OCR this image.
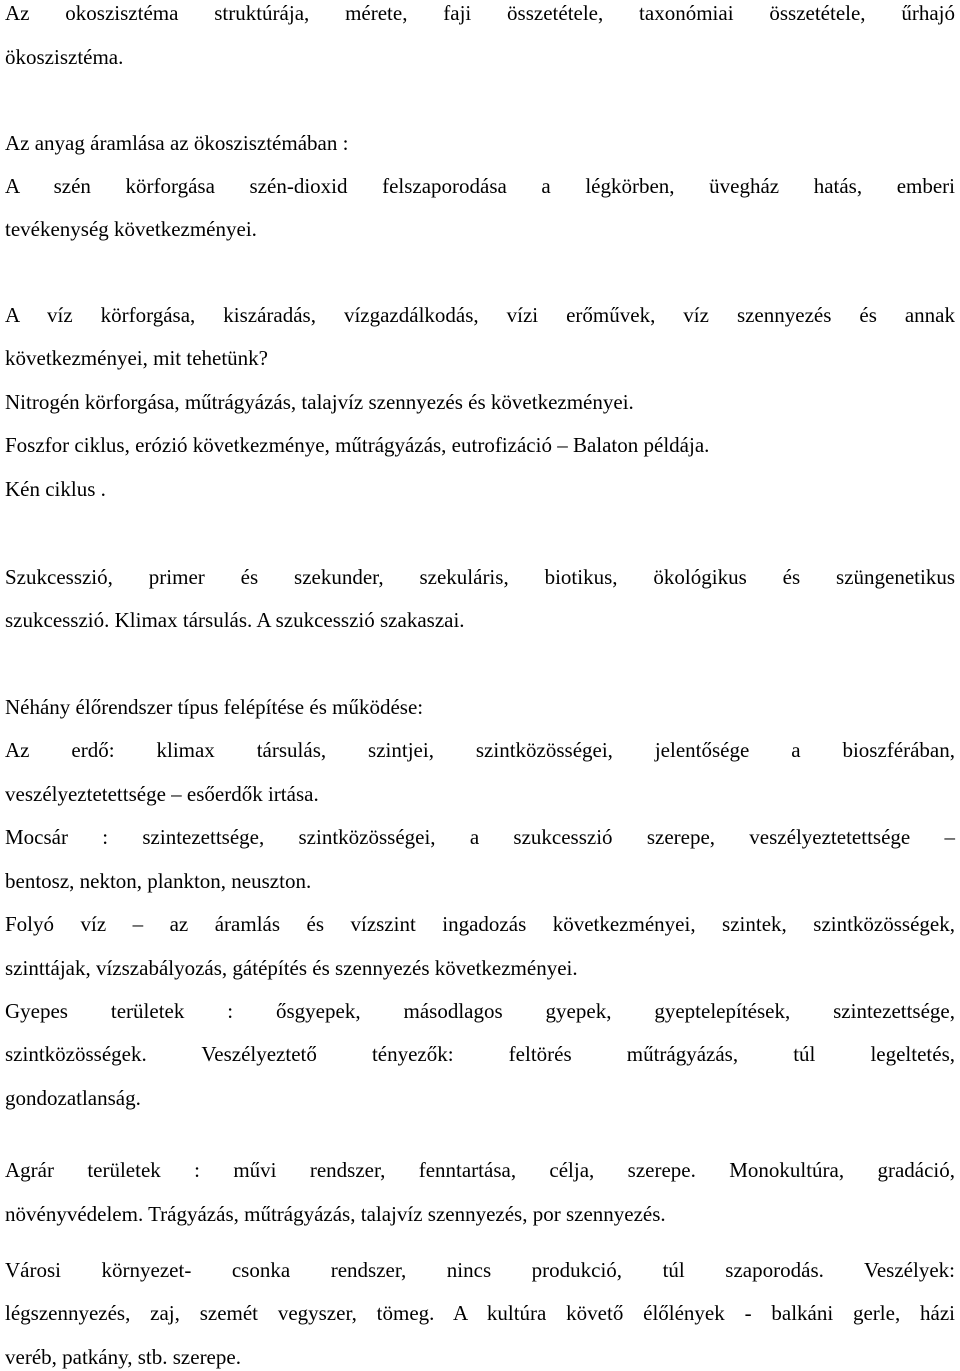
Az okoszisztéma struktúrája, mérete, faji összetétele, taxonómiai összetétele, űrhajó
ökoszisztéma.
Az anyag áramlása az ökoszisztémában :
A szén körforgása szén-dioxid felszaporodása a légkörben, üvegház hatás, emberi
tevékenység következményei.
A víz körforgása, kiszáradás, vízgazdálkodás, vízi erőművek, víz szennyezés és annak
következményei, mit tehetünk?
Nitrogén körforgása, műtrágyázás, talajvíz szennyezés és következményei.
Foszfor ciklus, erózió következménye, műtrágyázás, eutrofizáció – Balaton példája.
Kén ciklus .
Szukcesszió, primer és szekunder, szekuláris, biotikus, ökológikus és szüngenetikus
szukcesszió. Klimax társulás. A szukcesszió szakaszai.
Néhány élőrendszer típus felépítése és működése:
Az erdő: klimax társulás, szintjei, szintközösségei, jelentősége a bioszférában,
veszélyeztetettsége – esőerdők irtása.
Mocsár : szintezettsége, szintközösségei, a szukcesszió szerepe, veszélyeztetettsége –
bentosz, nekton, plankton, neuszton.
Folyó víz – az áramlás és vízszint ingadozás következményei, szintek, szintközösségek,
szinttájak, vízszabályozás, gátépítés és szennyezés következményei.
Gyepes területek : ősgyepek, másodlagos gyepek, gyeptelepítések, szintezettsége,
szintközösségek. Veszélyeztető tényezők: feltörés műtrágyázás, túl legeltetés,
gondozatlanság.
Agrár területek : művi rendszer, fenntartása, célja, szerepe. Monokultúra, gradáció,
növényvédelem. Trágyázás, műtrágyázás, talajvíz szennyezés, por szennyezés.
Városi környezet- csonka rendszer, nincs produkció, túl szaporodás. Veszélyek:
légszennyezés, zaj, szemét vegyszer, tömeg. A kultúra követő élőlények - balkáni gerle, házi
veréb, patkány, stb. szerepe.
